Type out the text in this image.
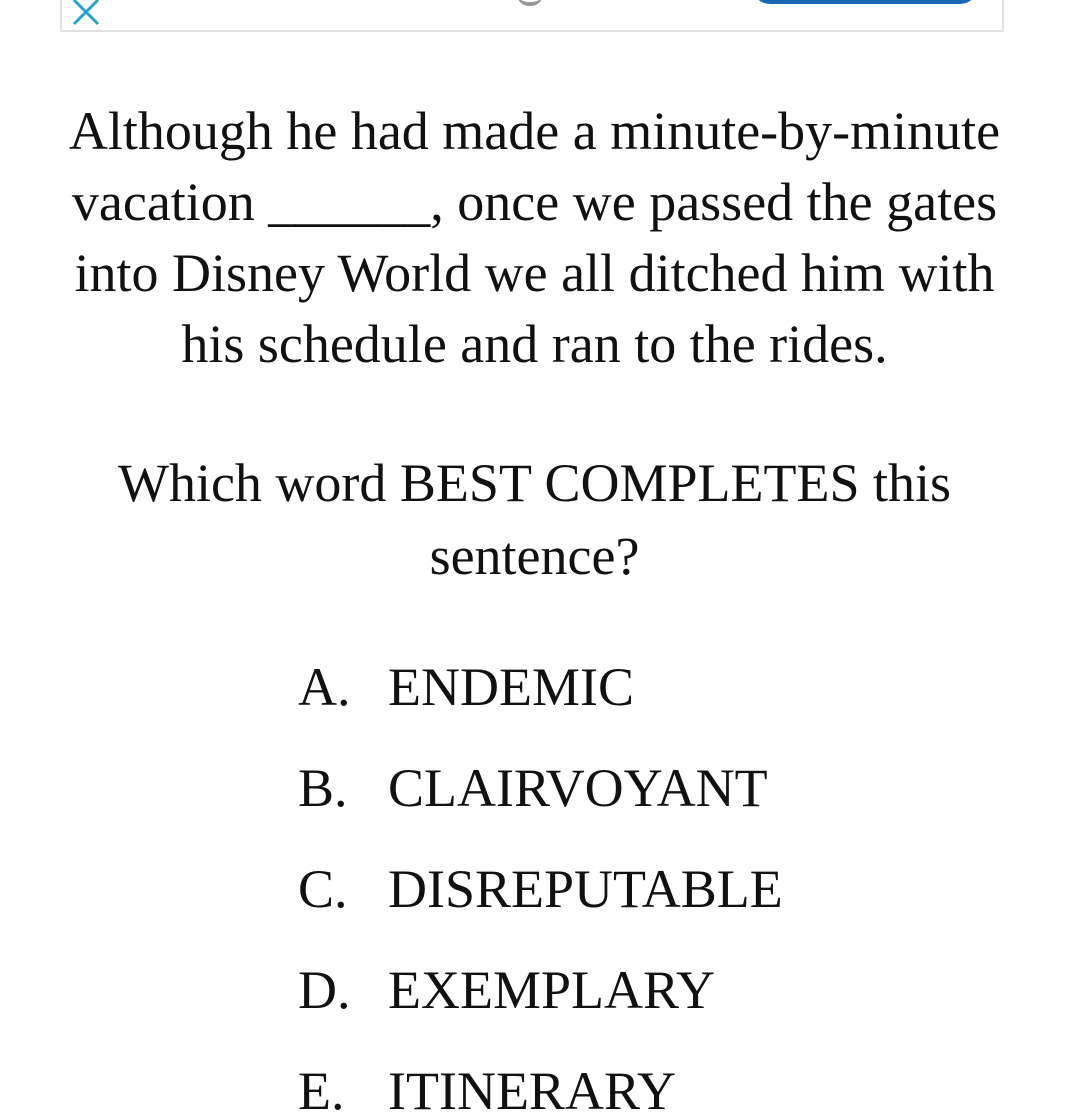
Although he had made a minute-by-minute
vacation ______, once we passed the gates
into Disney World we all ditched him with
his schedule and ran to the rides.

Which word BEST COMPLETES this
sentence?

A. ENDEMIC
B. CLAIRVOYANT
C. DISREPUTABLE
D. EXEMPLARY
E. ITINERARY
